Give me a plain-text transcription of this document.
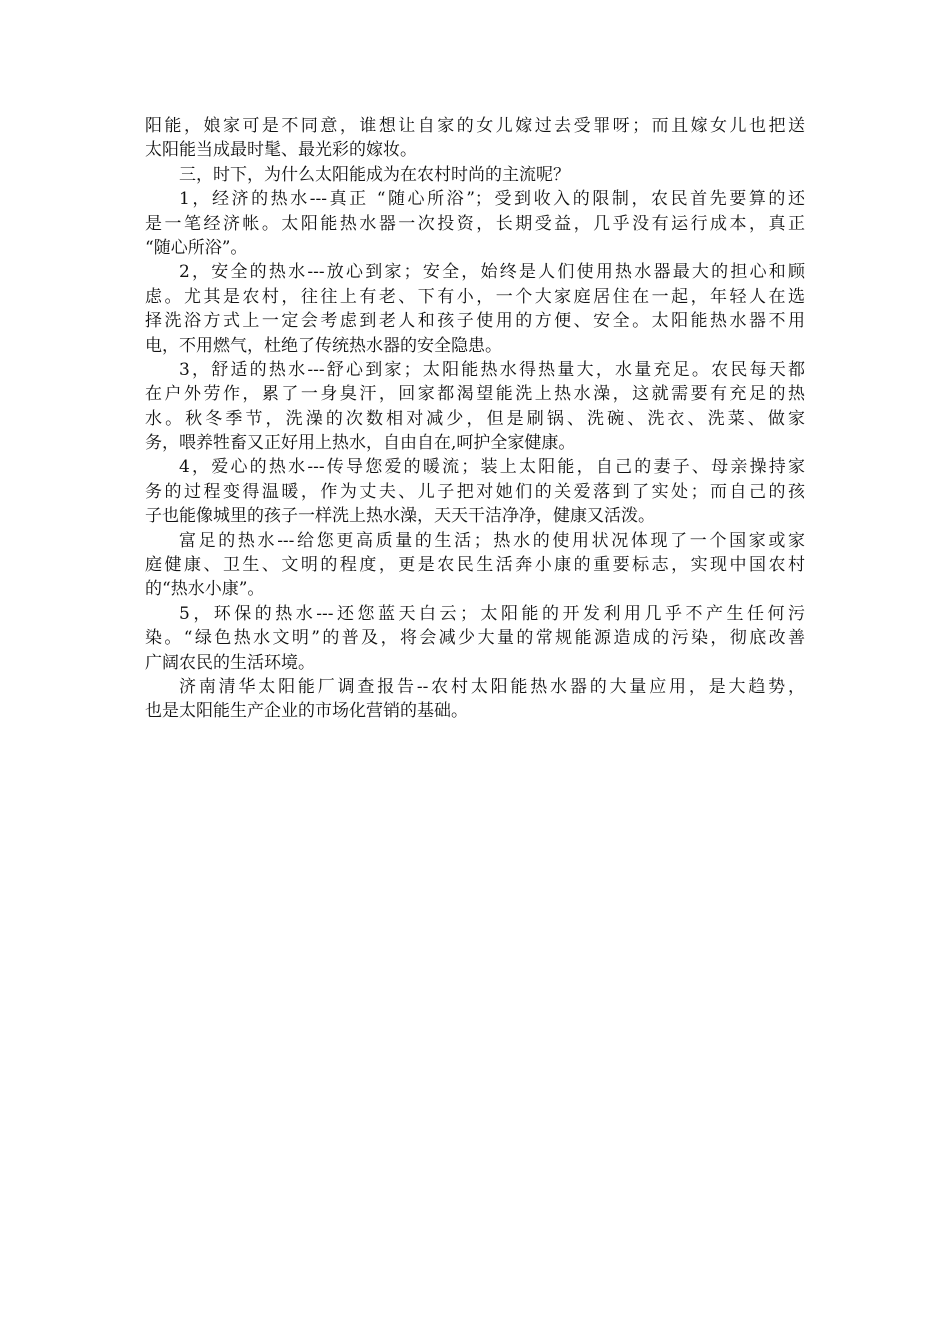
阳能，娘家可是不同意，谁想让自家的女儿嫁过去受罪呀；而且嫁女儿也把送
太阳能当成最时髦、最光彩的嫁妆。

三，时下，为什么太阳能成为在农村时尚的主流呢？

1，经济的热水---真正 “随心所浴”；受到收入的限制，农民首先要算的还
是一笔经济帐。太阳能热水器一次投资，长期受益，几乎没有运行成本，真正
“随心所浴”。

2，安全的热水---放心到家；安全，始终是人们使用热水器最大的担心和顾
虑。尤其是农村，往往上有老、下有小，一个大家庭居住在一起，年轻人在选
择洗浴方式上一定会考虑到老人和孩子使用的方便、安全。太阳能热水器不用
电，不用燃气，杜绝了传统热水器的安全隐患。

3，舒适的热水---舒心到家；太阳能热水得热量大，水量充足。农民每天都
在户外劳作，累了一身臭汗，回家都渴望能洗上热水澡，这就需要有充足的热
水。秋冬季节，洗澡的次数相对减少，但是刷锅、洗碗、洗衣、洗菜、做家
务，喂养牲畜又正好用上热水，自由自在,呵护全家健康。

4，爱心的热水---传导您爱的暖流；装上太阳能，自己的妻子、母亲操持家
务的过程变得温暖，作为丈夫、儿子把对她们的关爱落到了实处；而自己的孩
子也能像城里的孩子一样洗上热水澡，天天干洁净净，健康又活泼。

富足的热水---给您更高质量的生活；热水的使用状况体现了一个国家或家
庭健康、卫生、文明的程度，更是农民生活奔小康的重要标志，实现中国农村
的“热水小康”。

5，环保的热水---还您蓝天白云；太阳能的开发利用几乎不产生任何污
染。“绿色热水文明”的普及，将会减少大量的常规能源造成的污染，彻底改善
广阔农民的生活环境。

济南清华太阳能厂调查报告--农村太阳能热水器的大量应用，是大趋势，
也是太阳能生产企业的市场化营销的基础。
